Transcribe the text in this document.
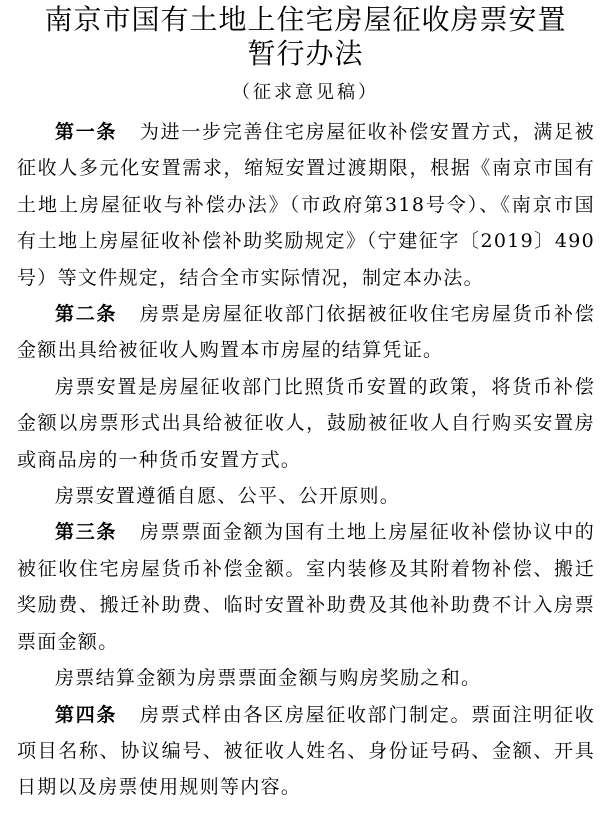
南京市国有土地上住宅房屋征收房票安置
暂行办法
（征求意见稿）

第一条 为进一步完善住宅房屋征收补偿安置方式，满足被征收人多元化安置需求，缩短安置过渡期限，根据《南京市国有土地上房屋征收与补偿办法》（市政府第318号令）、《南京市国有土地上房屋征收补偿补助奖励规定》（宁建征字〔2019〕490号）等文件规定，结合全市实际情况，制定本办法。

第二条 房票是房屋征收部门依据被征收住宅房屋货币补偿金额出具给被征收人购置本市房屋的结算凭证。

房票安置是房屋征收部门比照货币安置的政策，将货币补偿金额以房票形式出具给被征收人，鼓励被征收人自行购买安置房或商品房的一种货币安置方式。

房票安置遵循自愿、公平、公开原则。

第三条 房票票面金额为国有土地上房屋征收补偿协议中的被征收住宅房屋货币补偿金额。室内装修及其附着物补偿、搬迁奖励费、搬迁补助费、临时安置补助费及其他补助费不计入房票票面金额。

房票结算金额为房票票面金额与购房奖励之和。

第四条 房票式样由各区房屋征收部门制定。票面注明征收项目名称、协议编号、被征收人姓名、身份证号码、金额、开具日期以及房票使用规则等内容。
